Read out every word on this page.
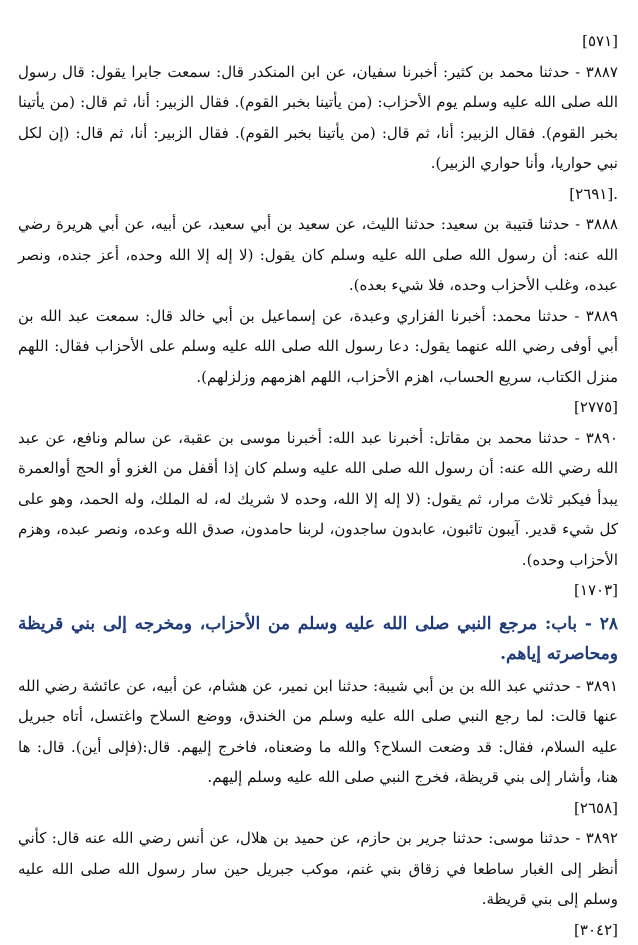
[٥٧١]

٣٨٨٧ - حدثنا محمد بن كثير: أخبرنا سفيان، عن ابن المنكدر قال: سمعت جابرا يقول: قال رسول الله صلى الله عليه وسلم يوم الأحزاب: (من يأتينا بخبر القوم). فقال الزبير: أنا، ثم قال: (من يأتينا بخبر القوم). فقال الزبير: أنا، ثم قال: (من يأتينا بخبر القوم). فقال الزبير: أنا، ثم قال: (إن لكل نبي حواريا، وأنا حواري الزبير).

.[٢٦٩١]

٣٨٨٨ - حدثنا قتيبة بن سعيد: حدثنا الليث، عن سعيد بن أبي سعيد، عن أبيه، عن أبي هريرة رضي الله عنه: أن رسول الله صلى الله عليه وسلم كان يقول: (لا إله إلا الله وحده، أعز جنده، ونصر عبده، وغلب الأحزاب وحده، فلا شيء بعده).

٣٨٨٩ - حدثنا محمد: أخبرنا الفزاري وعبدة، عن إسماعيل بن أبي خالد قال: سمعت عبد الله بن أبي أوفى رضي الله عنهما يقول: دعا رسول الله صلى الله عليه وسلم على الأحزاب فقال: اللهم منزل الكتاب، سريع الحساب، اهزم الأحزاب، اللهم اهزمهم وزلزلهم).

[٢٧٧٥]

٣٨٩٠ - حدثنا محمد بن مقاتل: أخبرنا عبد الله: أخبرنا موسى بن عقبة، عن سالم ونافع، عن عبد الله رضي الله عنه: أن رسول الله صلى الله عليه وسلم كان إذا أقفل من الغزو أو الحج أوالعمرة يبدأ فيكبر ثلاث مرار، ثم يقول: (لا إله إلا الله، وحده لا شريك له، له الملك، وله الحمد، وهو على كل شيء قدير. آيبون تائبون، عابدون ساجدون، لربنا حامدون، صدق الله وعده، ونصر عبده، وهزم الأحزاب وحده).

[١٧٠٣]
٢٨ - باب: مرجع النبي صلى الله عليه وسلم من الأحزاب، ومخرجه إلى بني قريظة ومحاصرته إياهم.

٣٨٩١ - حدثني عبد الله بن بن أبي شيبة: حدثنا ابن نمير، عن هشام، عن أبيه، عن عائشة رضي الله عنها قالت: لما رجع النبي صلى الله عليه وسلم من الخندق، ووضع السلاح واغتسل، أتاه جبريل عليه السلام، فقال: قد وضعت السلاح؟ والله ما وضعناه، فاخرج إليهم. قال:(فإلى أين). قال: ها هنا، وأشار إلى بني قريظة، فخرج النبي صلى الله عليه وسلم إليهم.

[٢٦٥٨]

٣٨٩٢ - حدثنا موسى: حدثنا جرير بن حازم، عن حميد بن هلال، عن أنس رضي الله عنه قال: كأني أنظر إلى الغبار ساطعا في زقاق بني غنم، موكب جبريل حين سار رسول الله صلى الله عليه وسلم إلى بني قريظة.

[٣٠٤٢]
